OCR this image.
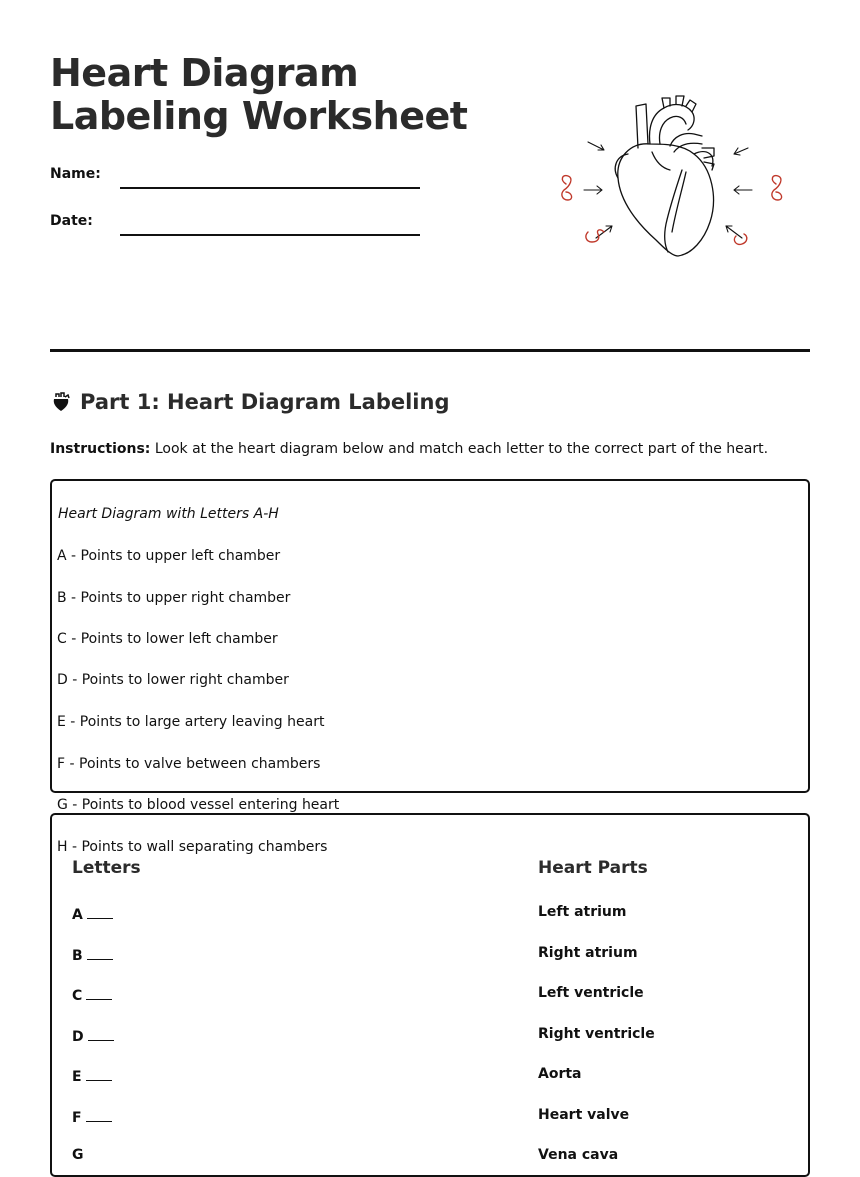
Heart Diagram Labeling Worksheet
Name:
Date:
Part 1: Heart Diagram Labeling
Instructions: Look at the heart diagram below and match each letter to the correct part of the heart.
Heart Diagram with Letters A-H
A - Points to upper left chamber
B - Points to upper right chamber
C - Points to lower left chamber
D - Points to lower right chamber
E - Points to large artery leaving heart
F - Points to valve between chambers
G - Points to blood vessel entering heart
H - Points to wall separating chambers
Letters	Heart Parts
A
B
C
D
E
F
G
Left atrium
Right atrium
Left ventricle
Right ventricle
Aorta
Heart valve
Vena cava
